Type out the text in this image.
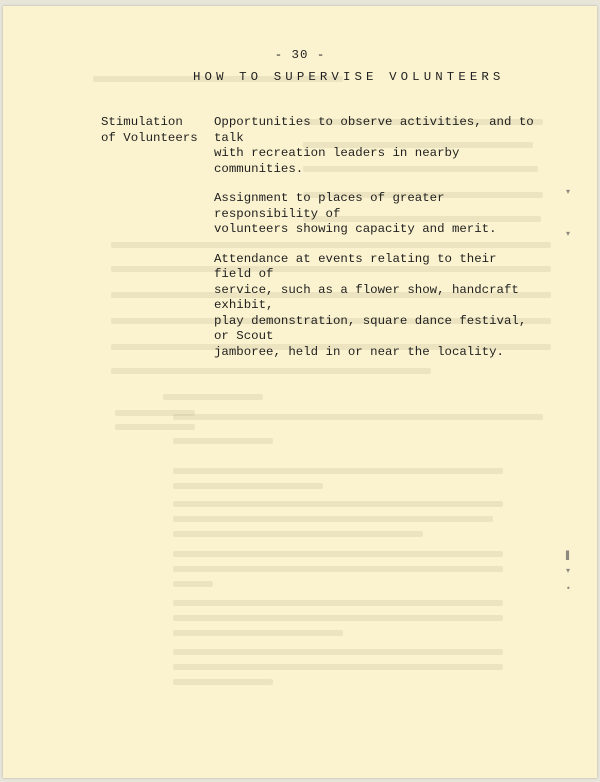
▾
▾
▌
▾
•
- 30 -
HOW TO SUPERVISE VOLUNTEERS
Stimulation
of Volunteers

Opportunities to observe activities, and to talk
with recreation leaders in nearby communities.

Assignment to places of greater responsibility of
volunteers showing capacity and merit.

Attendance at events relating to their field of
service, such as a flower show, handcraft exhibit,
play demonstration, square dance festival, or Scout
jamboree, held in or near the locality.
